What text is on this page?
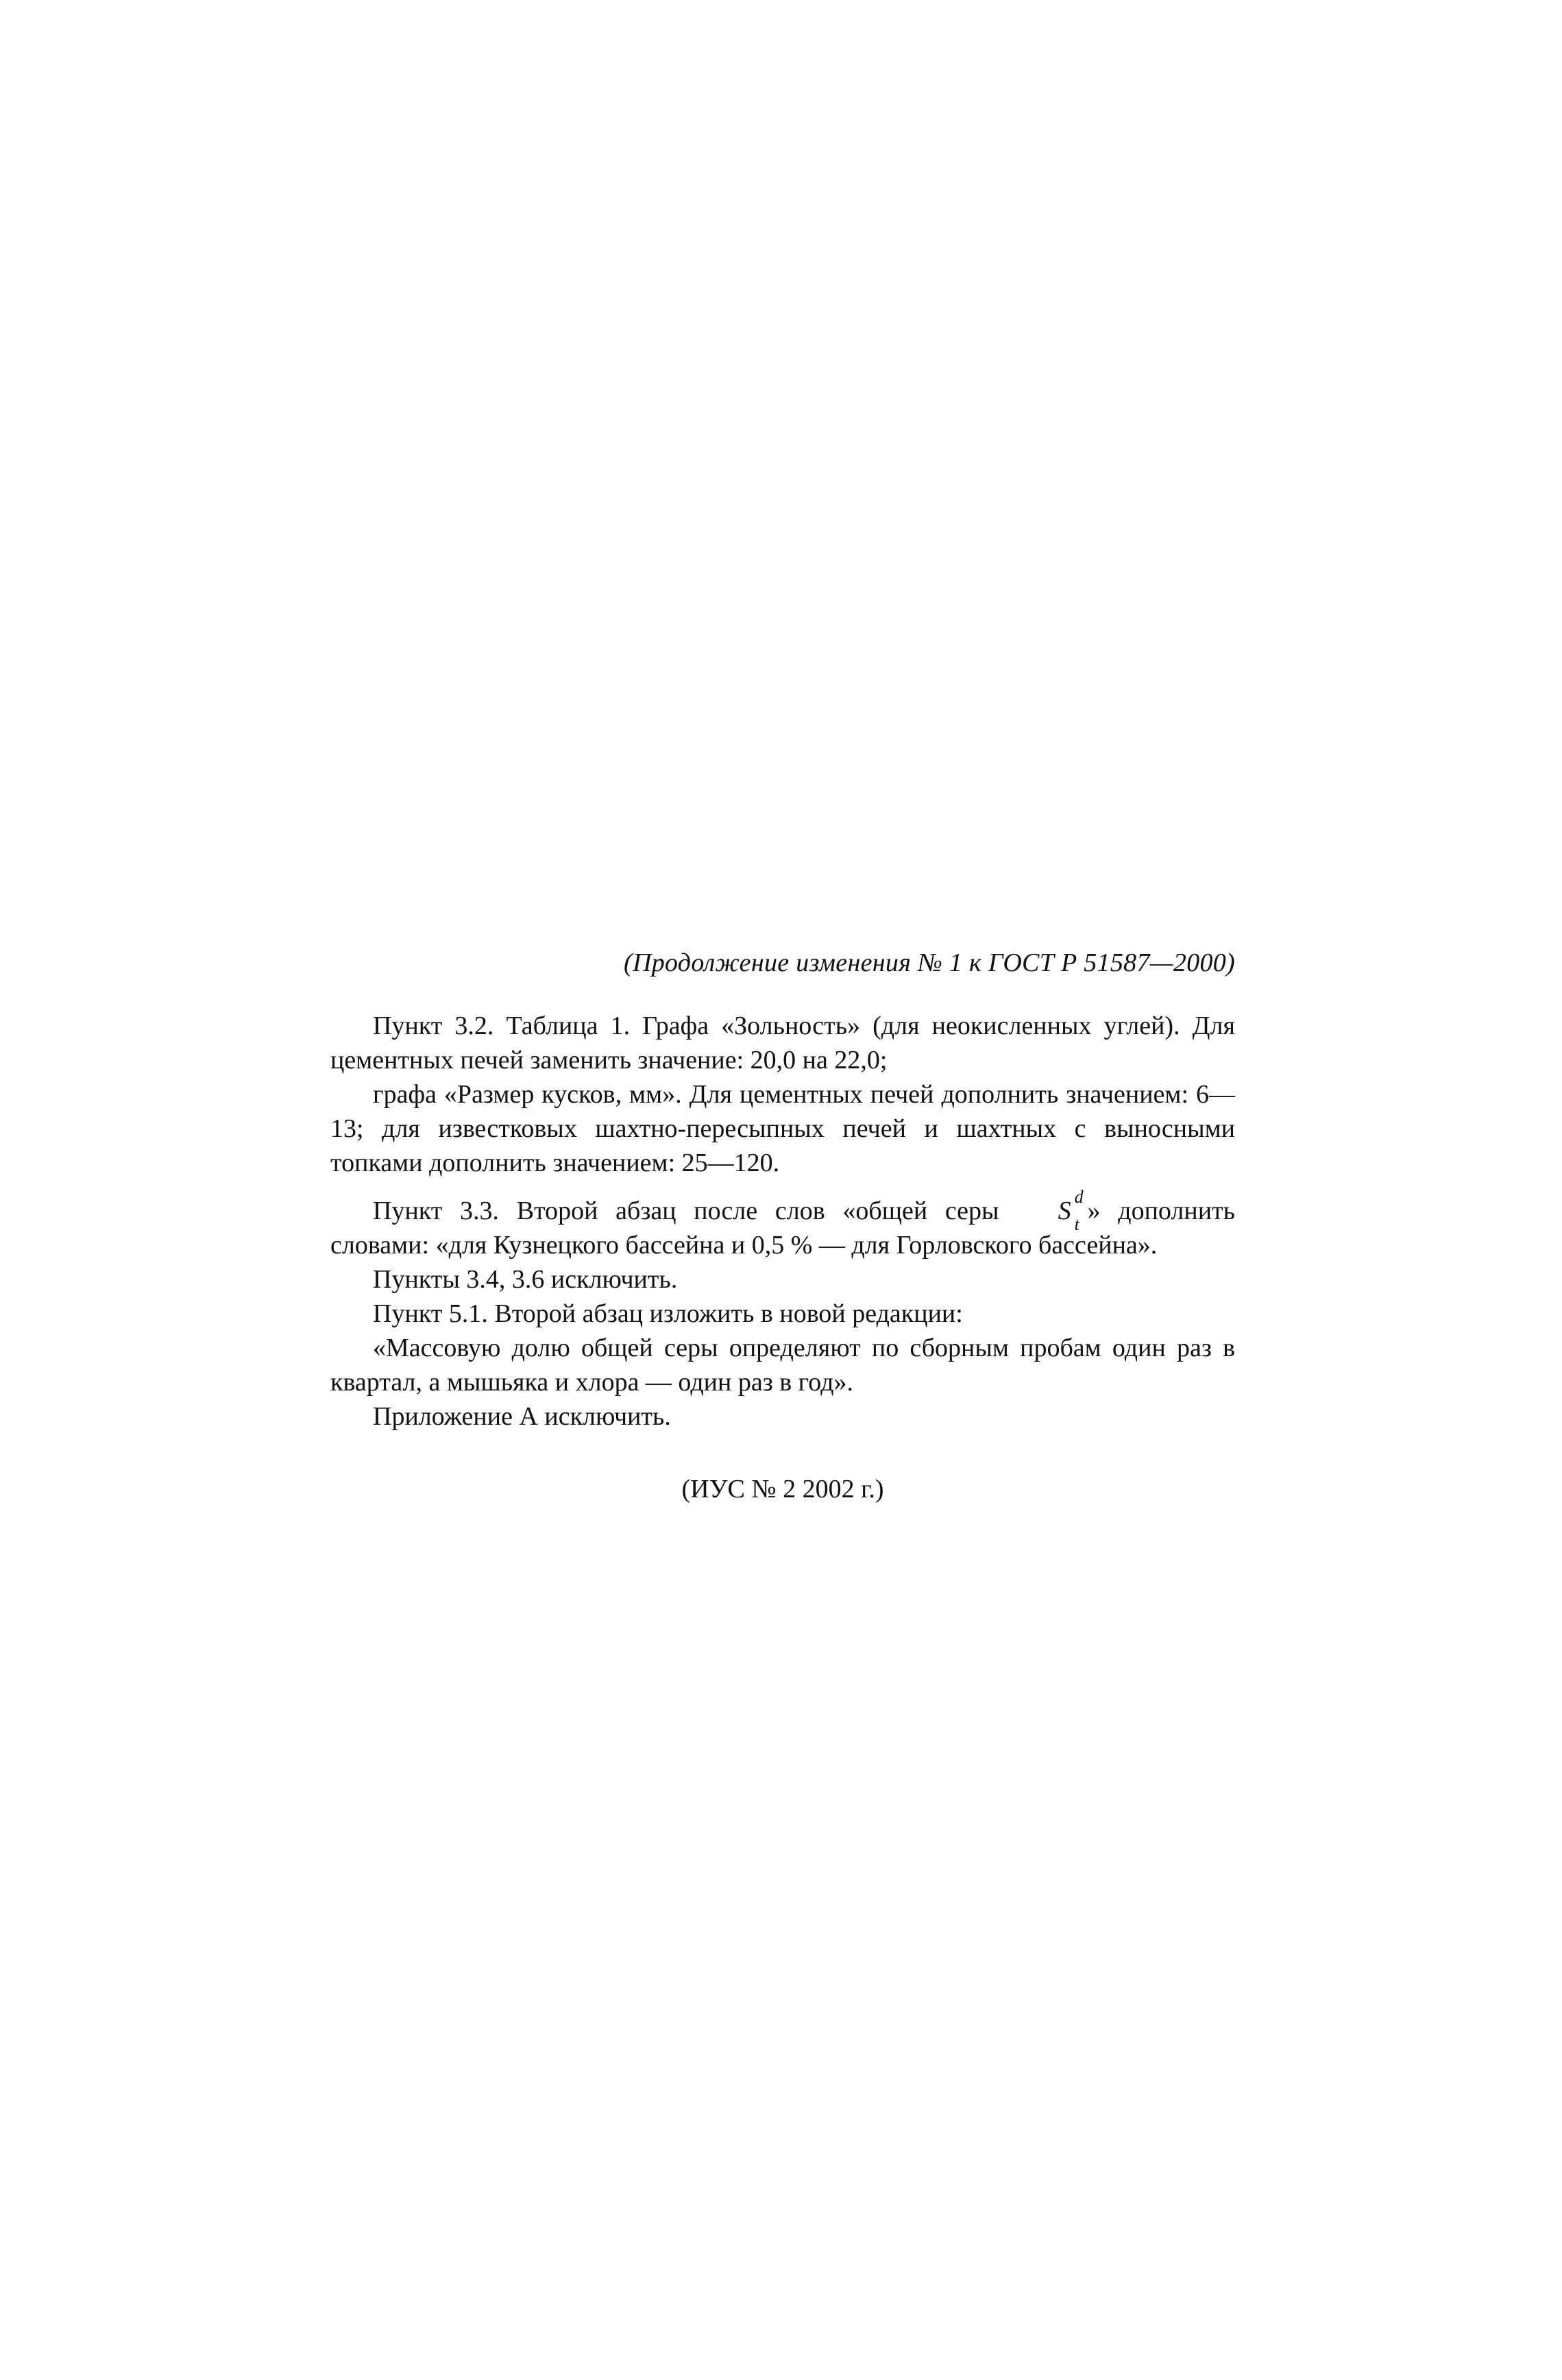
(Продолжение изменения № 1 к ГОСТ Р 51587—2000)

Пункт 3.2. Таблица 1. Графа «Зольность» (для неокисленных углей). Для цементных печей заменить значение: 20,0 на 22,0;

графа «Размер кусков, мм». Для цементных печей дополнить значением: 6—13; для известковых шахтно-пересыпных печей и шахтных с выносными топками дополнить значением: 25—120.

Пункт 3.3. Второй абзац после слов «общей серы S d
t » дополнить словами: «для Кузнецкого бассейна и 0,5 % — для Горловского бассейна».

Пункты 3.4, 3.6 исключить.

Пункт 5.1. Второй абзац изложить в новой редакции:

«Массовую долю общей серы определяют по сборным пробам один раз в квартал, а мышьяка и хлора — один раз в год».

Приложение А исключить.

(ИУС № 2 2002 г.)
